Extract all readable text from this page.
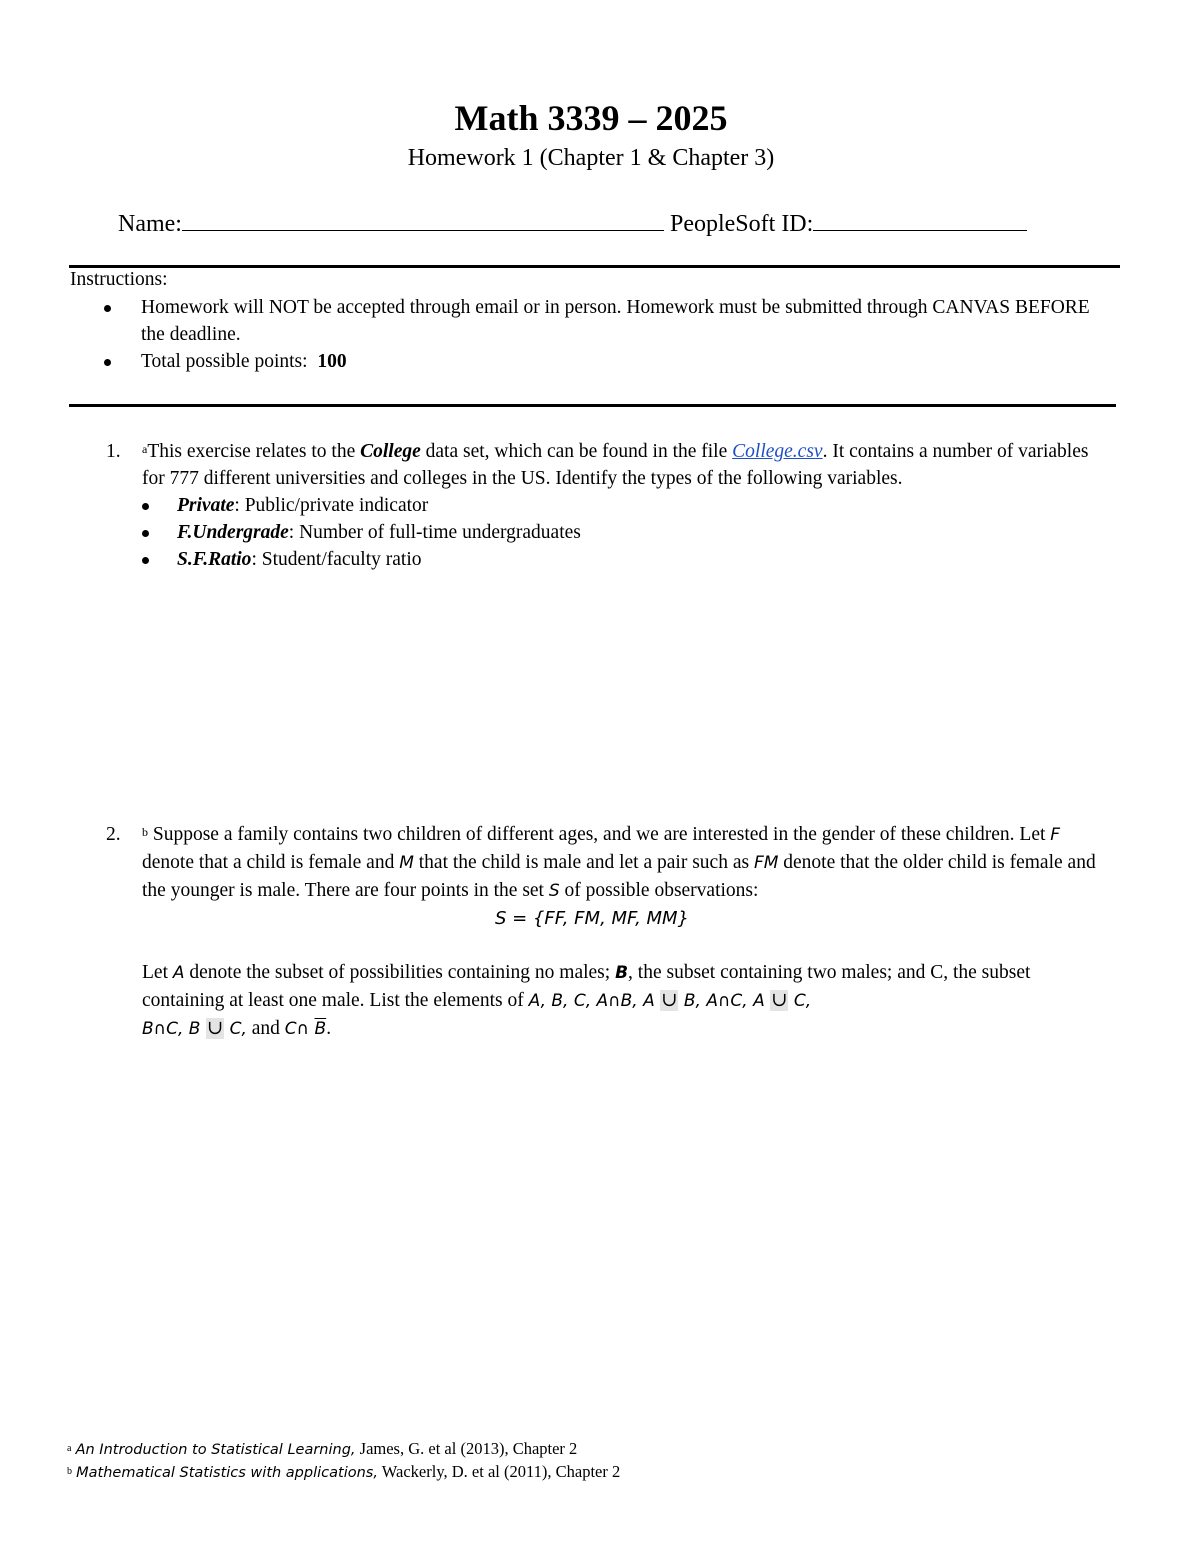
Math 3339 – 2025
Homework 1 (Chapter 1 & Chapter 3)
Name:	PeopleSoft ID:
Instructions:
Homework will NOT be accepted through email or in person. Homework must be submitted through CANVAS BEFORE the deadline.
Total possible points: 100
1.	$^a$This exercise relates to the College data set, which can be found in the file College.csv. It contains a number of variables for 777 different universities and colleges in the US. Identify the types of the following variables.
Private: Public/private indicator
F.Undergrade: Number of full-time undergraduates
S.F.Ratio: Student/faculty ratio
2.	$^b$ Suppose a family contains two children of different ages, and we are interested in the gender of these children. Let F denote that a child is female and M that the child is male and let a pair such as FM denote that the older child is female and the younger is male. There are four points in the set S of possible observations:
S = {FF, FM, MF, MM}
Let A denote the subset of possibilities containing no males; B, the subset containing two males; and C, the subset containing at least one male. List the elements of A, B, C, A∩B, A ∪ B, A∩C, A ∪ C,
B∩C, B ∪ C, and C∩ $\overline{B}$.
$^a$ An Introduction to Statistical Learning, James, G. et al (2013), Chapter 2
$^b$ Mathematical Statistics with applications, Wackerly, D. et al (2011), Chapter 2
